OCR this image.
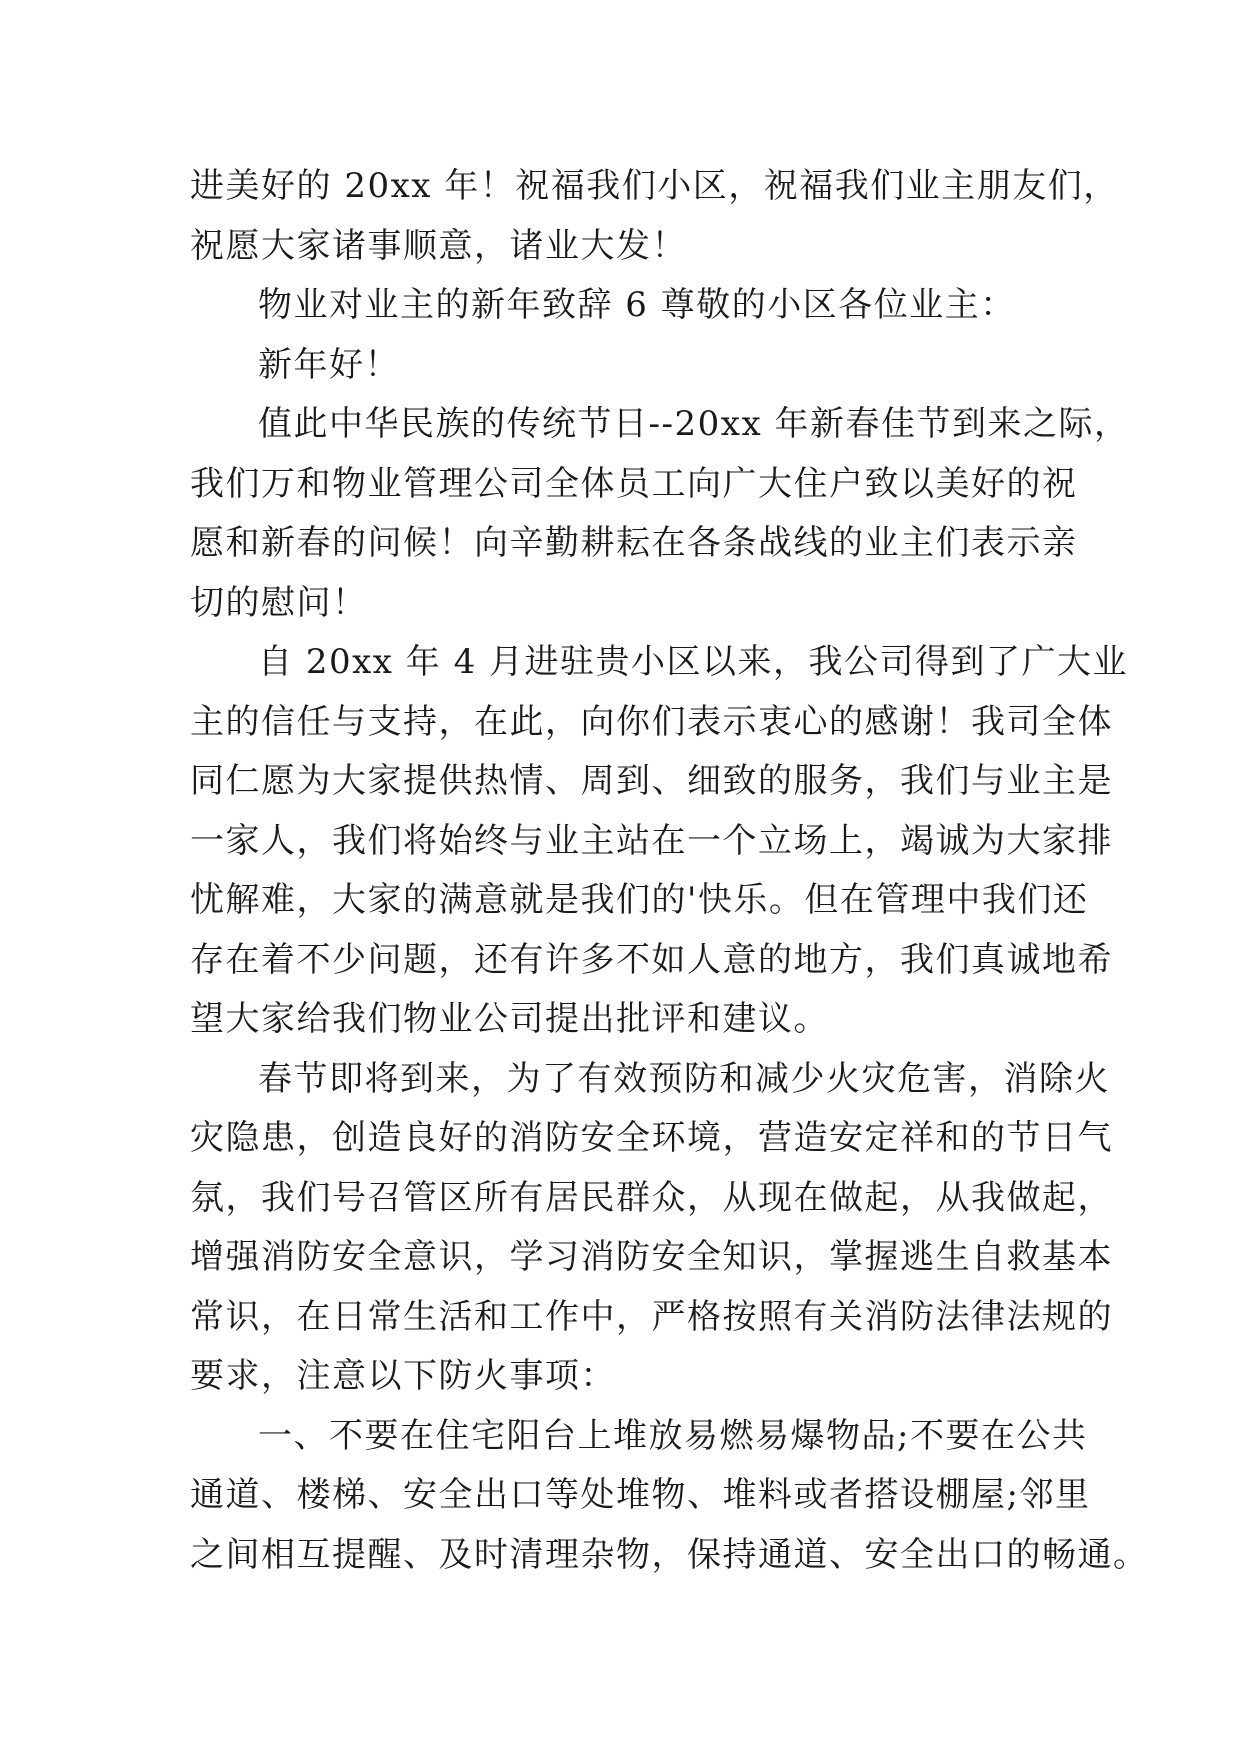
进 美 好 的
2 0 x x
年 ！ 祝 福 我 们 小 区 ， 祝 福 我 们 业 主 朋 友 们 ，
祝愿大家诸事顺意，诸业大发！
物业对业主的新年致辞 6 尊敬的小区各位业主：
新年好！
值 此 中 华 民 族 的 传 统 节 日 - - 2 0 x x
年 新 春 佳 节 到 来 之 际 ，
我 们 万 和 物 业 管 理 公 司 全 体 员 工 向 广 大 住 户 致 以 美 好 的 祝
愿 和 新 春 的 问 候 ！ 向 辛 勤 耕 耘 在 各 条 战 线 的 业 主 们 表 示 亲
切的慰问！
自
2 0 x x
年
4
月 进 驻 贵 小 区 以 来 ， 我 公 司 得 到 了 广 大 业
主 的 信 任 与 支 持 ， 在 此 ， 向 你 们 表 示 衷 心 的 感 谢 ！ 我 司 全 体
同 仁 愿 为 大 家 提 供 热 情 、 周 到 、 细 致 的 服 务 ， 我 们 与 业 主 是
一 家 人 ， 我 们 将 始 终 与 业 主 站 在 一 个 立 场 上 ， 竭 诚 为 大 家 排
忧 解 难 ， 大 家 的 满 意 就 是 我 们 的 ' 快 乐 。 但 在 管 理 中 我 们 还
存 在 着 不 少 问 题 ， 还 有 许 多 不 如 人 意 的 地 方 ， 我 们 真 诚 地 希
望大家给我们物业公司提出批评和建议。
春 节 即 将 到 来 ， 为 了 有 效 预 防 和 减 少 火 灾 危 害 ， 消 除 火
灾 隐 患 ， 创 造 良 好 的 消 防 安 全 环 境 ， 营 造 安 定 祥 和 的 节 日 气
氛 ， 我 们 号 召 管 区 所 有 居 民 群 众 ， 从 现 在 做 起 ， 从 我 做 起 ，
增 强 消 防 安 全 意 识 ， 学 习 消 防 安 全 知 识 ， 掌 握 逃 生 自 救 基 本
常 识 ， 在 日 常 生 活 和 工 作 中 ， 严 格 按 照 有 关 消 防 法 律 法 规 的
要求，注意以下防火事项：
一 、 不 要 在 住 宅 阳 台 上 堆 放 易 燃 易 爆 物 品 ; 不 要 在 公 共
通 道 、 楼 梯 、 安 全 出 口 等 处 堆 物 、 堆 料 或 者 搭 设 棚 屋 ; 邻 里
之 间 相 互 提 醒 、 及 时 清 理 杂 物 ， 保 持 通 道 、 安 全 出 口 的 畅 通 。
